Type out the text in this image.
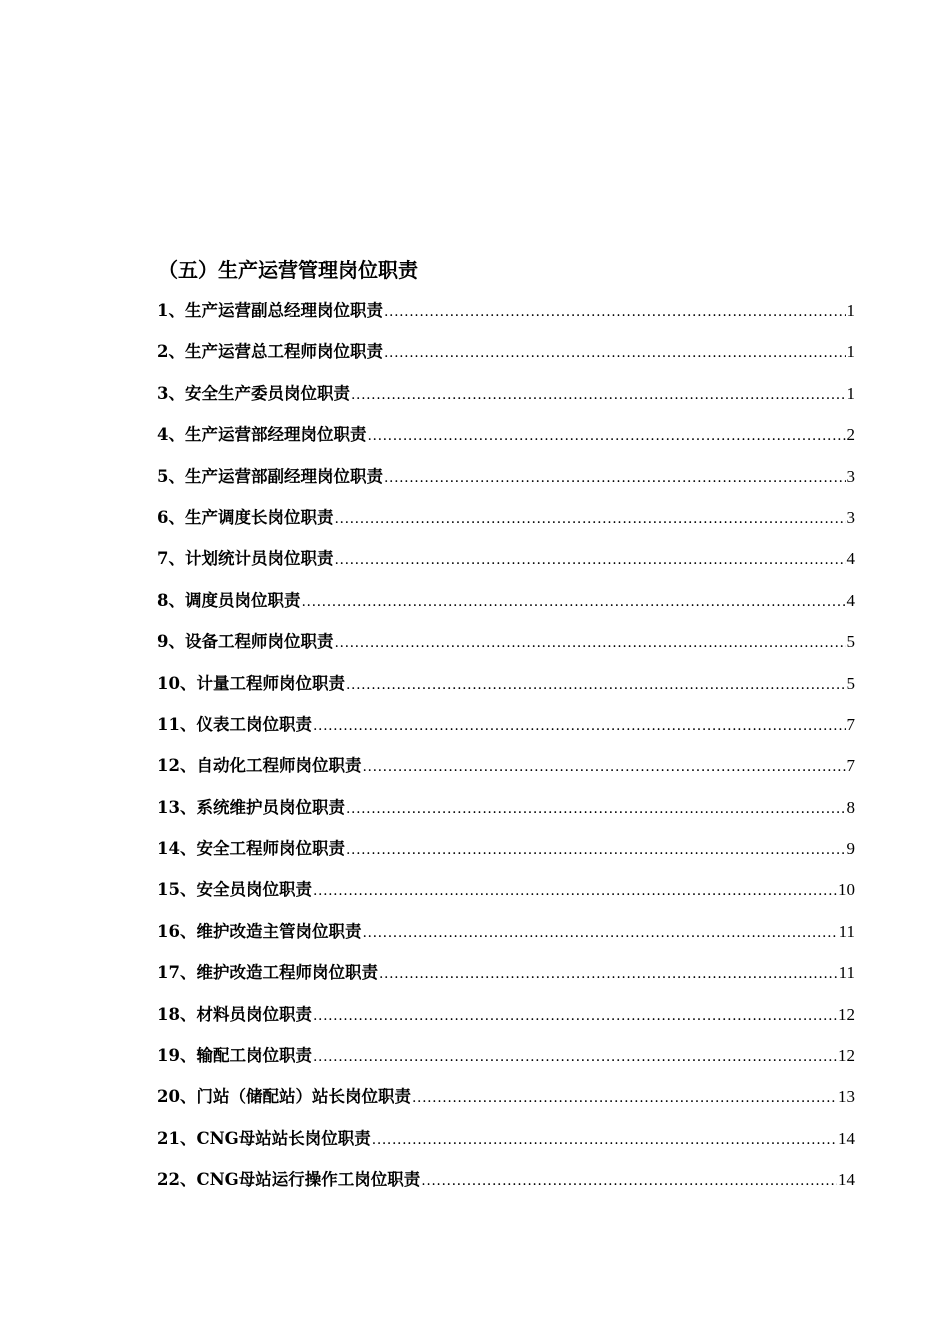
（五）生产运营管理岗位职责
1、生产运营副总经理岗位职责 .....	1
2、生产运营总工程师岗位职责 .....	1
3、安全生产委员岗位职责 .....	1
4、生产运营部经理岗位职责 .....	2
5、生产运营部副经理岗位职责 .....	3
6、生产调度长岗位职责 .....	3
7、计划统计员岗位职责 .....	4
8、调度员岗位职责 .....	4
9、设备工程师岗位职责 .....	5
10、计量工程师岗位职责 .....	5
11、仪表工岗位职责 .....	7
12、自动化工程师岗位职责 .....	7
13、系统维护员岗位职责 .....	8
14、安全工程师岗位职责 .....	9
15、安全员岗位职责 .....	10
16、维护改造主管岗位职责 .....	11
17、维护改造工程师岗位职责 .....	11
18、材料员岗位职责 .....	12
19、输配工岗位职责 .....	12
20、门站（储配站）站长岗位职责 .....	13
21、CNG母站站长岗位职责 .....	14
22、CNG母站运行操作工岗位职责 .....	14
